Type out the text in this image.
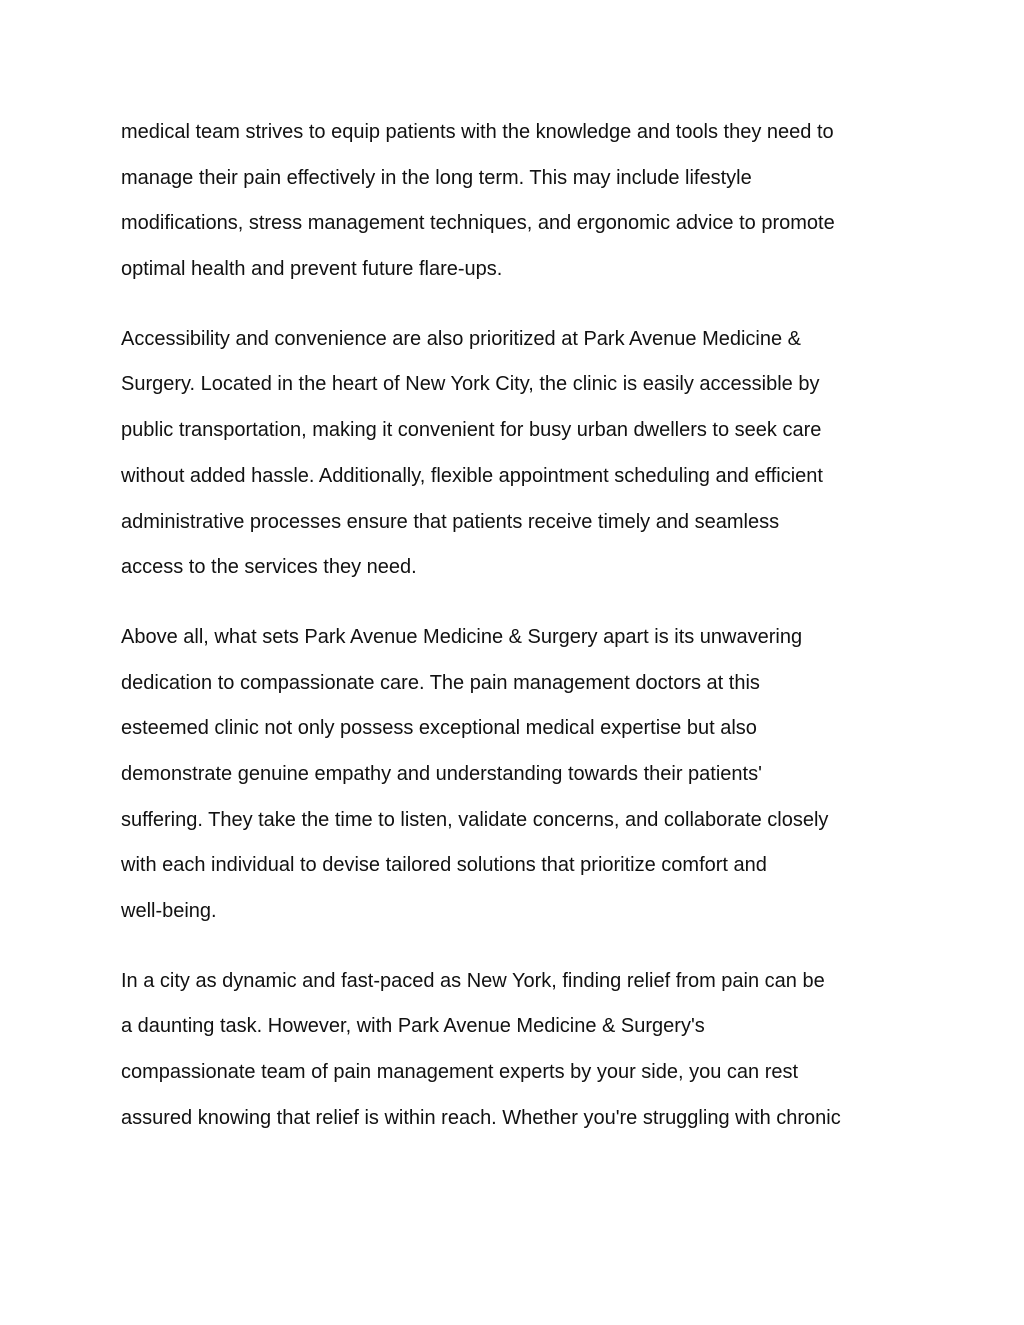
medical team strives to equip patients with the knowledge and tools they need to
manage their pain effectively in the long term. This may include lifestyle
modifications, stress management techniques, and ergonomic advice to promote
optimal health and prevent future flare-ups.

Accessibility and convenience are also prioritized at Park Avenue Medicine &
Surgery. Located in the heart of New York City, the clinic is easily accessible by
public transportation, making it convenient for busy urban dwellers to seek care
without added hassle. Additionally, flexible appointment scheduling and efficient
administrative processes ensure that patients receive timely and seamless
access to the services they need.

Above all, what sets Park Avenue Medicine & Surgery apart is its unwavering
dedication to compassionate care. The pain management doctors at this
esteemed clinic not only possess exceptional medical expertise but also
demonstrate genuine empathy and understanding towards their patients'
suffering. They take the time to listen, validate concerns, and collaborate closely
with each individual to devise tailored solutions that prioritize comfort and
well-being.

In a city as dynamic and fast-paced as New York, finding relief from pain can be
a daunting task. However, with Park Avenue Medicine & Surgery's
compassionate team of pain management experts by your side, you can rest
assured knowing that relief is within reach. Whether you're struggling with chronic
